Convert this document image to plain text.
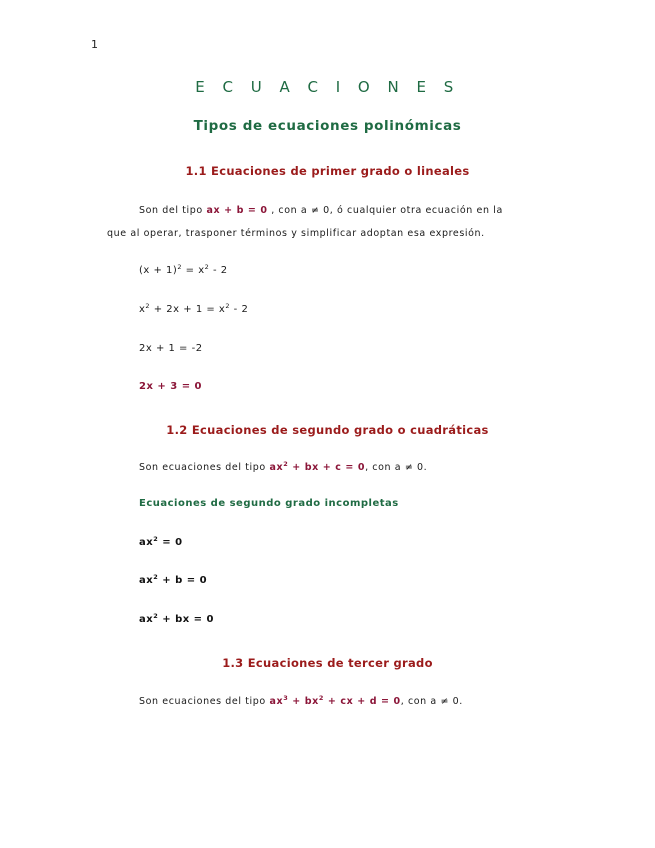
1
E C U A C I O N E S
Tipos de ecuaciones polinómicas
1.1 Ecuaciones de primer grado o lineales
Son del tipo ax + b = 0 , con a ≠ 0, ó cualquier otra ecuación en la
que al operar, trasponer términos y simplificar adoptan esa expresión.
$(x + 1)^2 = x^2 - 2$
$x^2 + 2x + 1 = x^2 - 2$
2x + 1 = -2
2x + 3 = 0
1.2 Ecuaciones de segundo grado o cuadráticas
Son ecuaciones del tipo $ax^2$ + bx + c = 0, con a ≠ 0.
Ecuaciones de segundo grado incompletas
$ax^2 = 0$
$ax^2 + b = 0$
$ax^2$ + bx = 0
1.3 Ecuaciones de tercer grado
Son ecuaciones del tipo $ax^3 + bx^2$ + cx + d = 0, con a ≠ 0.
